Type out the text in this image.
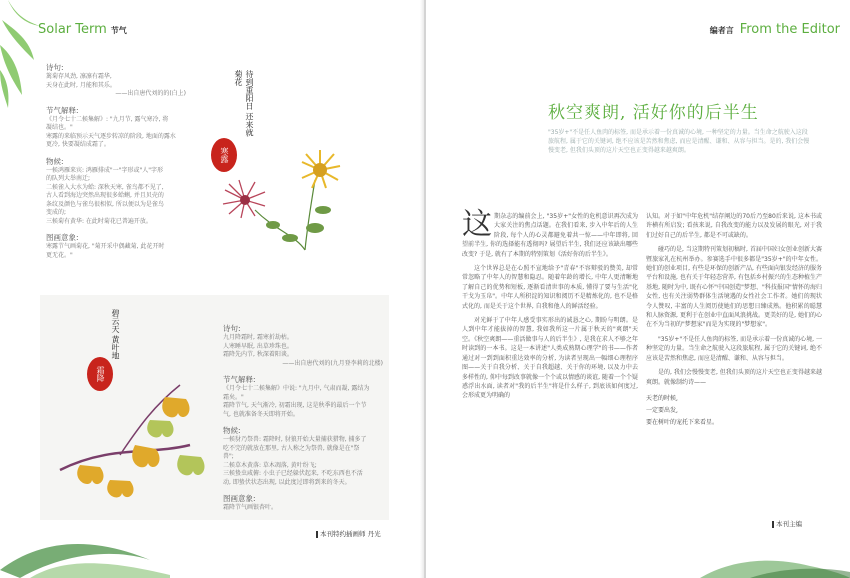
Solar Term 节气
诗句:
篱菊存风劲, 凛凛有霜华,
天身在此时, 月能和其乐。
——出自唐代刘的的(白上)
节气解释:
《月令七十二候集解》: "九月节, 露气寒冷, 将
凝结也。"
寒露的来临预示天气逐步转凉的阶段, 地面的露水
更冷, 快要凝结成霜了。
物候:
一候鸿雁来宾: 鸿雁排成"一"字形或"人"字形
的队列大举南迁;
二候雀入大水为蛤: 深秋天寒, 雀鸟都不见了,
古人看到海边突然出现很多蛤蜊, 并且贝壳的
条纹及颜色与雀鸟很相似, 所以便以为是雀鸟
变成的;
三候菊有黄华: 在此时菊花已普遍开放。
图画意象:
寒露节气画菊花, "菊开采中偶藏菊, 此花开时
更无花。"
待到重阳日 还来就菊花
寒露
碧云天 黄叶地
霜降
诗句:
九月降霜时, 霜寒折劫枯。
人寒睡早眠, 出草珍珠也。
霜降先内节, 秋深着阳谈。
——出自唐代刘的(九月登李莉的北楼)
节气解释:
《月令七十二候集解》中说: "九月中, 气肃而凝, 露结为
霜矣。"
霜降节气, 天气渐冷, 初霜出现, 这是秋季的最后一个节
气, 也就准备冬天即将开始。
物候:
一候豺乃祭兽: 霜降时, 豺狼开始大量捕获猎物, 捕多了
吃不完的就放在那里, 古人称之为祭兽, 就像是在"祭
兽";
二候草木黄落: 草木凋落, 黄叶纷飞;
三候蛰虫咸俯: 小虫子已经躲伏起来, 不吃东西也不活
动, 即蛰伏状态出现, 以此度过即将到来的冬天。
图画意象:
霜降节气画银杏叶。
本刊特约插画师 丹光
编者言 From the Editor
秋空爽朗, 活好你的后半生
"35岁+"不是任人鱼肉的标签, 而是承示着一份真诚的心境, 一种坚定的力量。当生命之航驶入这段旅航程, 属于它的关键词, 绝不应该是苦然和焦虑, 而应是清醒、谦和、从容与担当。是的, 我们会慢慢变老, 但我们头顶的这片天空也正变得越来越爽朗。

这期杂志的编前会上, "35岁+"女性的危机意识再次成为大家关注的焦点话题。在我们看来, 步入中年后的人生阶段, 每个人的心灵都避免着共一惊——中年即将, 回望前半生, 你的选择能有透彻吗? 展望后半生, 我们还应该缺出哪些改变? 于是, 就有了本期的特别策划《活好你的后半生》。

这个世界总是在心照不宣地给予"青春"不容辩驳的赞美, 却常常忽略了中年人的智慧和隐忍。随着年龄的增长, 中年人更清晰地了解自己的优势和短板, 逐渐看清世事的本质, 懂得了要与生活"化干戈为玉帛"。中年人所积淀的知识和阅历不是精炼化的, 也不是格式化的, 而是关于这个世界, 自我和他人的鲜活经验。

对光鲜于了中年人感受事实形出的诚恳之心, 期盼与明朗。是人到中年才能拔掉的智慧, 我如我所这一片属于秋天的"爽朗"天空。《秋空爽朗——重活做事与人的后半生》, 是我在求人不够之年时读到的一本书。这是一本讲述"人类成熟期心理学"的书——作者通过对一到到面积重达效率的分析, 为读者呈现出一幅细心理程序图——关于自我分析、关于自我超越、关于你的环境, 以及力中去多样性的, 仰中每到改事就像一个个或以情感的谈谊, 随着一个个疑惑浮出水面, 读者对"我的后半生"将是什么样子, 到底该如何度过, 会形成更为明确的

认知。对于如"中年危机"结存阐边的70后乃至80后来说, 这本书或许横有所启发; 看孩来说, 自我改变的能力以及发展的眼光, 对于我们过好自己的后半生, 都是不可或缺的。

碰巧的是, 当这期特刊策划初稿时, 首届中国妇女创业创新大赛暨旅家礼在杭州举办。参赛选手中很多都是"35岁+"的中年女性。她们的创业项目, 有些是环保的创新产品, 有些面向银发经济的服务平台和设施, 也有关于年轻态营养, 有包括乡村振兴的生态种植生产基地, 随时为中, 既有心怀"中国创造"梦想、"科技报国"情怀的海归女性, 也有关注弱势群体生活境遇的女性社会工作者。她们的现状令人赞叹, 丰富的人生阅历使她们的思想日臻成熟。他积累的聪慧和人脉资源, 更利于在创业中直面风浪挑战。更美好的是, 她们的心在不为当初的"梦想家"而是为实现的"梦想家"。

"35岁+"不是任人鱼肉的标签, 而是承示着一份真诚的心境, 一种坚定的力量。当生命之航驶入这段旅航程, 属于它的关键词, 绝不应该是苦然和焦虑, 而应是清醒、谦和、从容与担当。

是的, 我们会慢慢变老, 但我们头顶的这片天空也正变得越来越爽朗。就像制约诗——

天老的时候,
一定要出发,
要在树叶的宠托下来看星。
本刊主编
